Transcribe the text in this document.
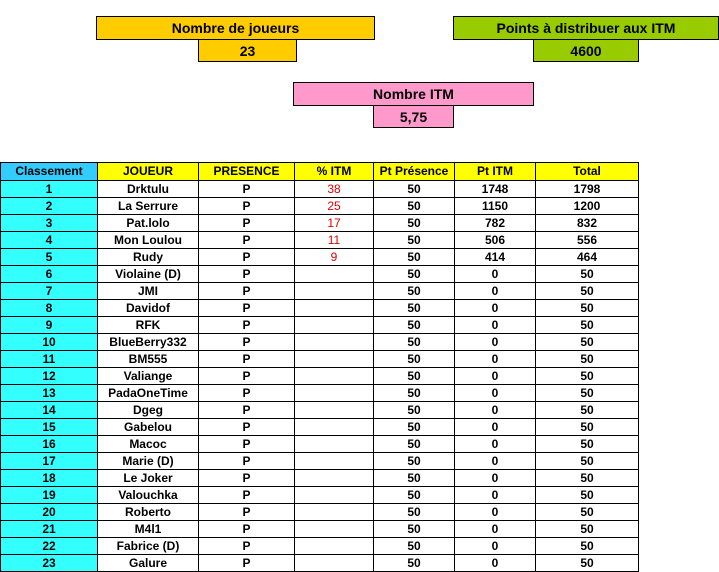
Nombre de joueurs
23
Points à distribuer aux ITM
4600
Nombre ITM
5,75
Classement	JOUEUR	PRESENCE	% ITM	Pt Présence	Pt ITM	Total
1	Drktulu	P	38	50	1748	1798
2	La Serrure	P	25	50	1150	1200
3	Pat.lolo	P	17	50	782	832
4	Mon Loulou	P	11	50	506	556
5	Rudy	P	9	50	414	464
6	Violaine (D)	P		50	0	50
7	JMI	P		50	0	50
8	Davidof	P		50	0	50
9	RFK	P		50	0	50
10	BlueBerry332	P		50	0	50
11	BM555	P		50	0	50
12	Valiange	P		50	0	50
13	PadaOneTime	P		50	0	50
14	Dgeg	P		50	0	50
15	Gabelou	P		50	0	50
16	Macoc	P		50	0	50
17	Marie (D)	P		50	0	50
18	Le Joker	P		50	0	50
19	Valouchka	P		50	0	50
20	Roberto	P		50	0	50
21	M4l1	P		50	0	50
22	Fabrice (D)	P		50	0	50
23	Galure	P		50	0	50
